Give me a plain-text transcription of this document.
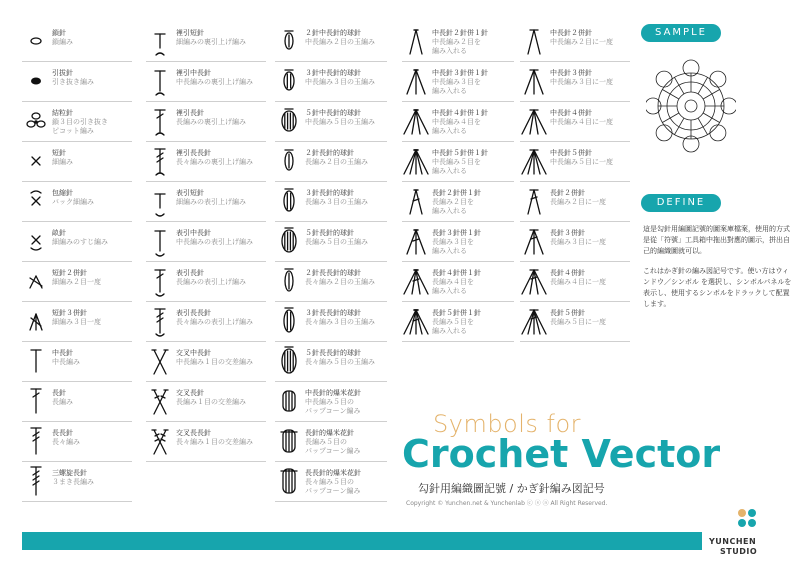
鎖針
鎖編み
引拔針
引き抜き編み
結粒針
鎖３目の引き抜き
ピコット編み
短針
細編み
包縮針
バック細編み
畝針
細編みのすじ編み
短針２併針
細編み２目一度
短針３併針
細編み３目一度
中長針
中長編み
長針
長編み
長長針
長々編み
三螺旋長針
３まき長編み
裡引短針
細編みの裏引上げ編み
裡引中長針
中長編みの裏引上げ編み
裡引長針
長編みの裏引上げ編み
裡引長長針
長々編みの裏引上げ編み
表引短針
細編みの表引上げ編み
表引中長針
中長編みの表引上げ編み
表引長針
長編みの表引上げ編み
表引長長針
長々編みの表引上げ編み
交叉中長針
中長編み１目の交差編み
交叉長針
長編み１目の交差編み
交叉長長針
長々編み１目の交差編み
２針中長針的球針
中長編み２目の玉編み
３針中長針的球針
中長編み３目の玉編み
５針中長針的球針
中長編み５目の玉編み
２針長針的球針
長編み２目の玉編み
３針長針的球針
長編み３目の玉編み
５針長針的球針
長編み５目の玉編み
２針長長針的球針
長々編み２目の玉編み
３針長長針的球針
長々編み３目の玉編み
５針長長針的球針
長々編み５目の玉編み
中長針的爆米花針
中長編み５目の
パップコーン編み
長針的爆米花針
長編み５目の
パップコーン編み
長長針的爆米花針
長々編み５目の
パップコーン編み
中長針２針併１針
中長編み２目を
編み入れる
中長針３針併１針
中長編み３目を
編み入れる
中長針４針併１針
中長編み４目を
編み入れる
中長針５針併１針
中長編み５目を
編み入れる
長針２針併１針
長編み２目を
編み入れる
長針３針併１針
長編み３目を
編み入れる
長針４針併１針
長編み４目を
編み入れる
長針５針併１針
長編み５目を
編み入れる
中長針２併針
中長編み２目に一度
中長針３併針
中長編み３目に一度
中長針４併針
中長編み４目に一度
中長針５併針
中長編み５目に一度
長針２併針
長編み２目に一度
長針３併針
長編み３目に一度
長針４併針
長編み４目に一度
長針５併針
長編み５目に一度
SAMPLE
DEFINE

這是勾針用編圖記號的圖案庫檔案，使用的方式是從「符號」工具箱中拖出對應的圖示，拼出自己的編織圖就可以。

これはかぎ針の編み図記号です。使い方はウィンドウ／シンボル を選択し、シンボルパネルを表示し、使用するシンボルをドラックして配置します。

Symbols for
Crochet Vector
勾針用編織圖記號 / かぎ針編み図記号
Copyright © Yunchen.net & Yunchenlab ⓒ ⓢ ⓐ All Right Reserved.
YUNCHEN
STUDIO
